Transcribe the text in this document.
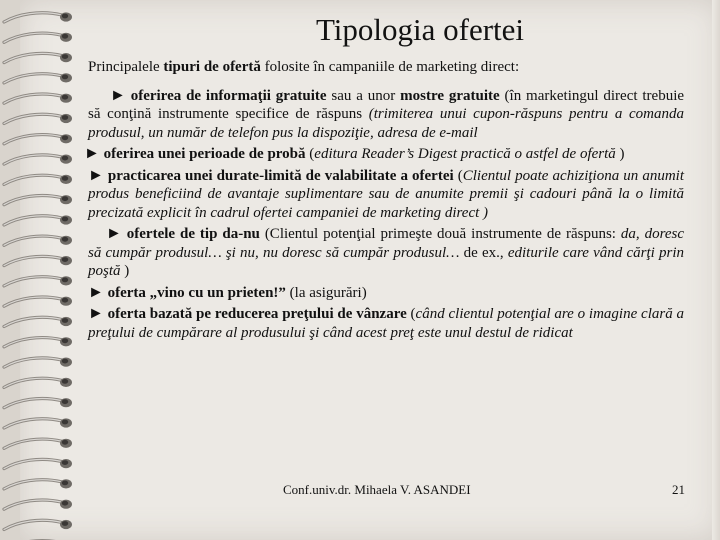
Tipologia ofertei

Principalele tipuri de ofertă folosite în campaniile de marketing direct:

► oferirea de informaţii gratuite sau a unor mostre gratuite (în marketingul direct trebuie să conţină instrumente specifice de răspuns (trimiterea unui cupon-răspuns pentru a comanda produsul, un număr de telefon pus la dispoziţie, adresa de e-mail

► oferirea unei perioade de probă (editura Reader’s Digest practică o astfel de ofertă )

► practicarea unei durate-limită de valabilitate a ofertei (Clientul poate achiziţiona un anumit produs beneficiind de avantaje suplimentare sau de anumite premii şi cadouri până la o limită precizată explicit în cadrul ofertei campaniei de marketing direct )

► ofertele de tip da-nu (Clientul potenţial primeşte două instrumente de răspuns: da, doresc să cumpăr produsul… şi nu, nu doresc să cumpăr produsul… de ex., editurile care vând cărţi prin poştă )

► oferta „vino cu un prieten!” (la asigurări)

► oferta bazată pe reducerea preţului de vânzare (când clientul potenţial are o imagine clară a preţului de cumpărare al produsului şi când acest preţ este unul destul de ridicat

Conf.univ.dr. Mihaela V. ASANDEI	21
